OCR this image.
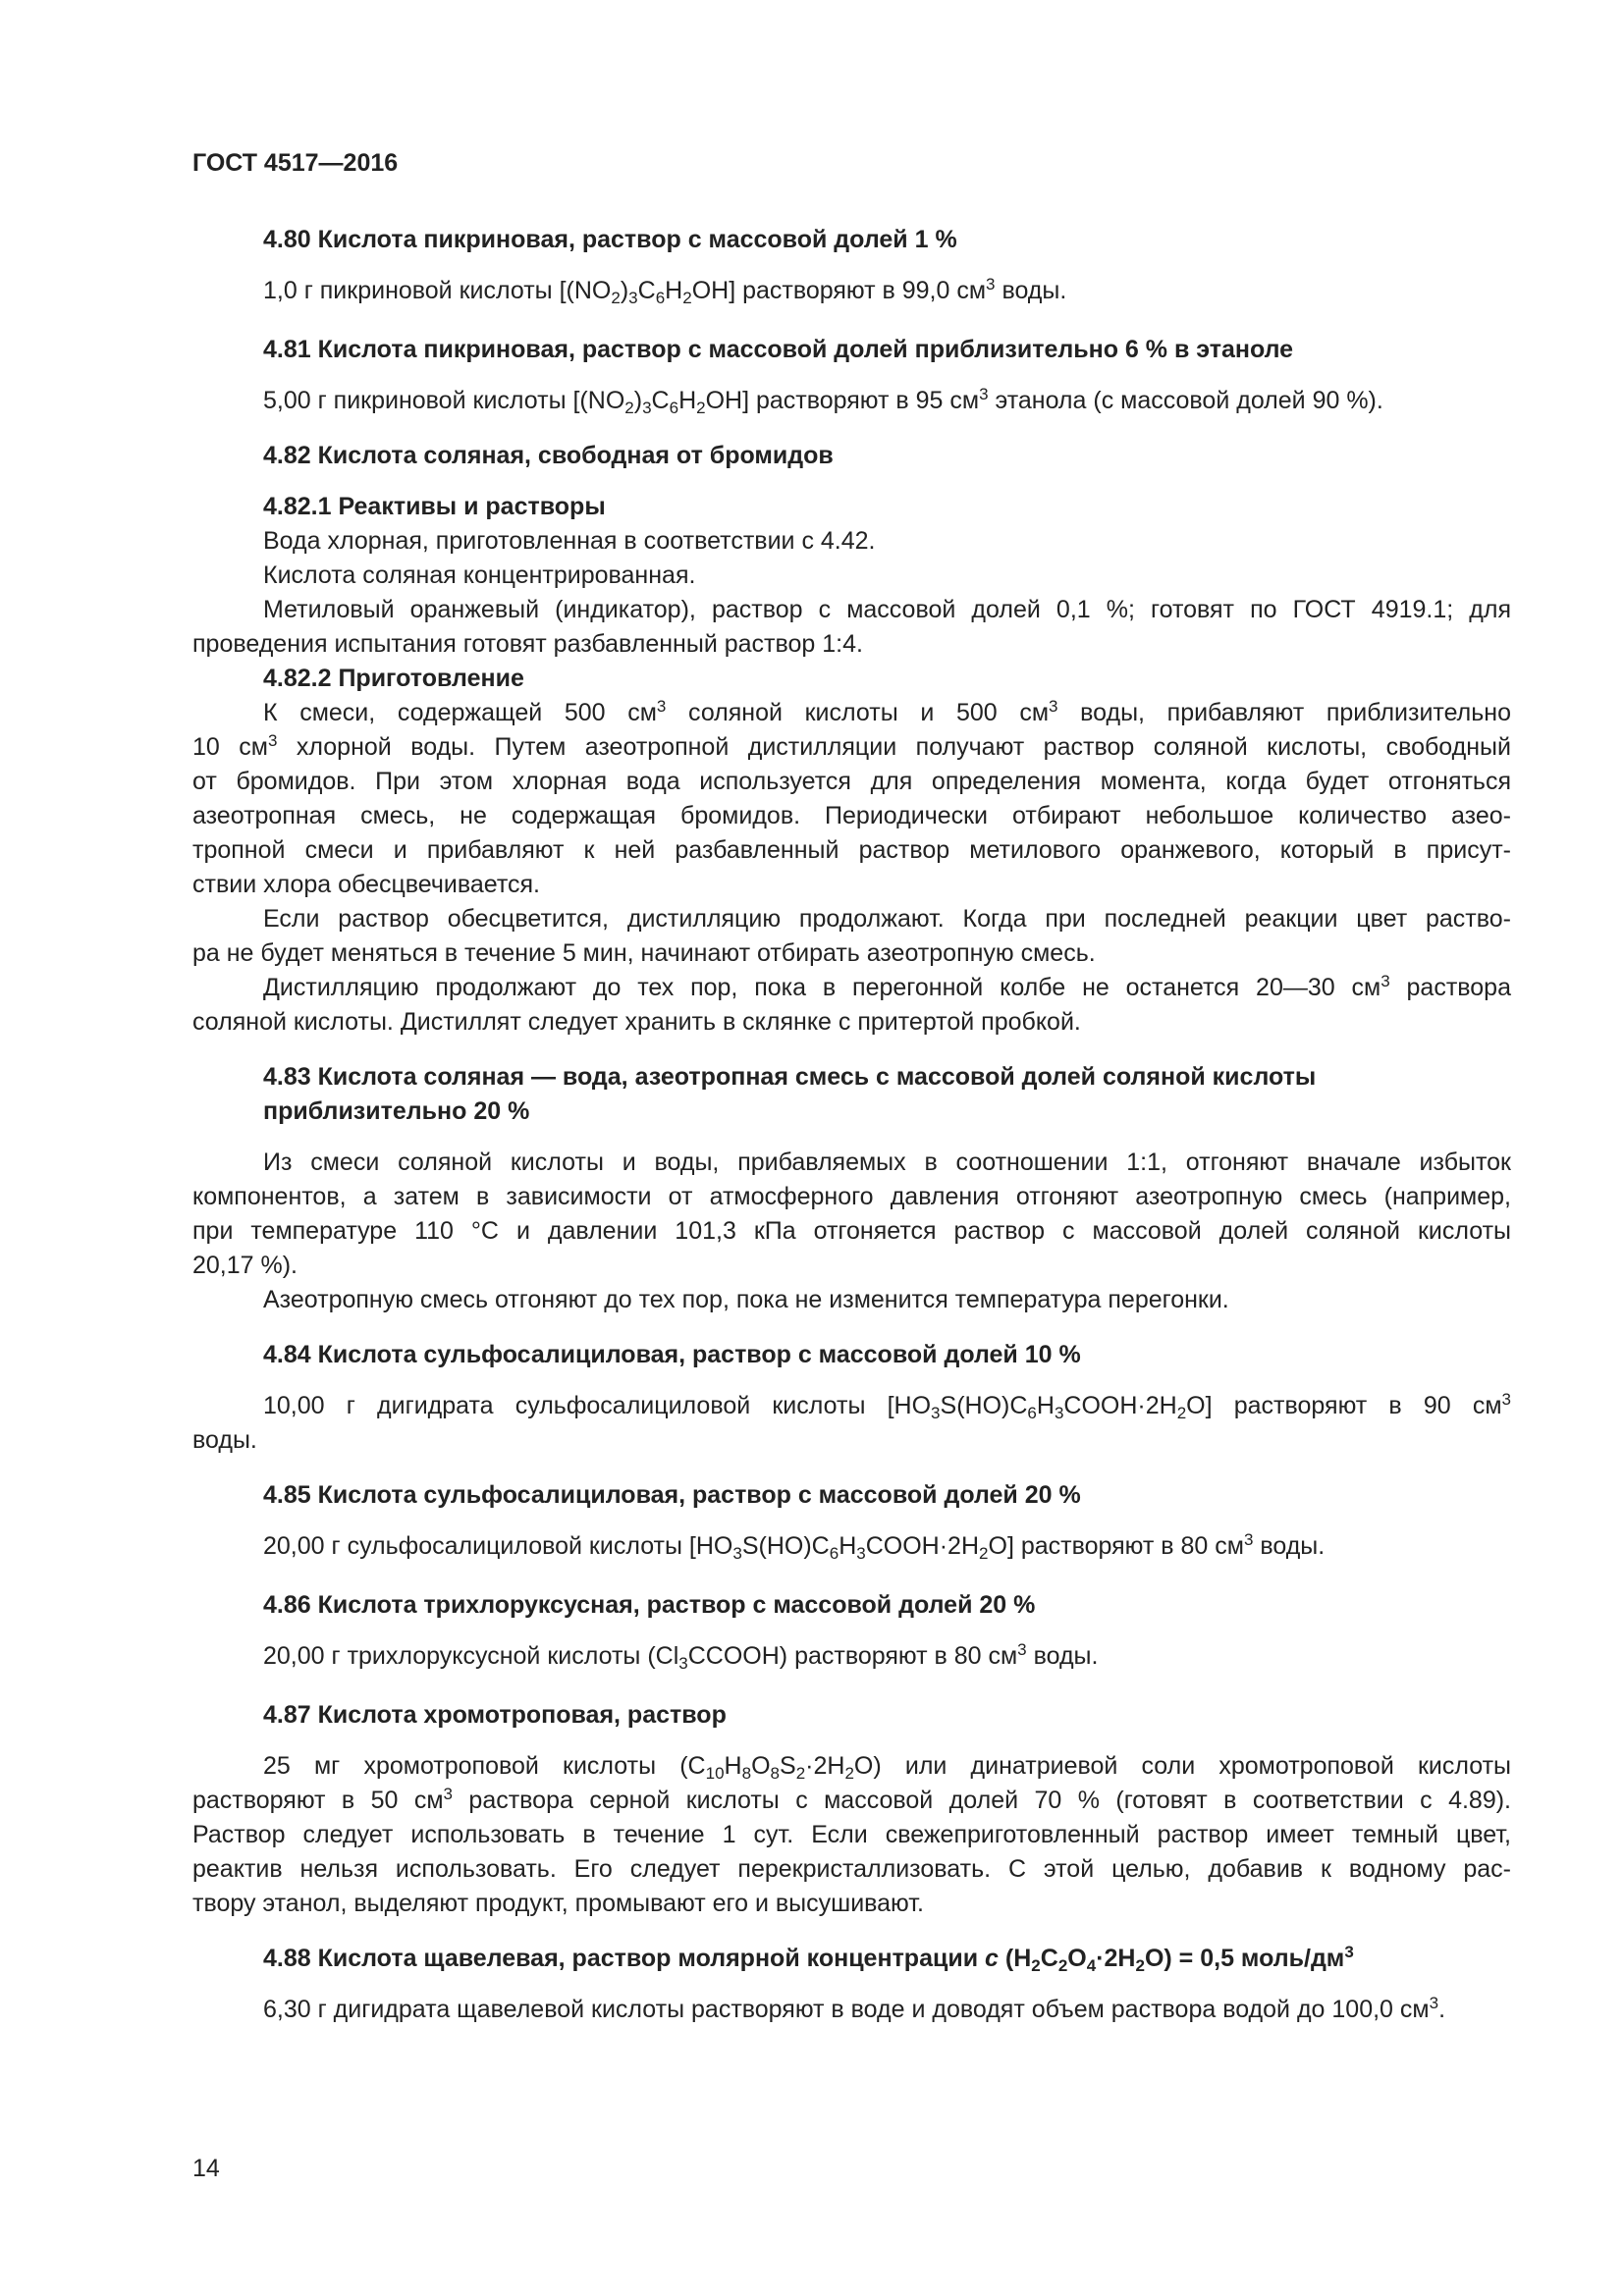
ГОСТ 4517—2016
4.80 Кислота пикриновая, раствор с массовой долей 1 %
1,0 г пикриновой кислоты $[(NO_2)_3C_6H_2OH]$ растворяют в 99,0 $см^3$ воды.
4.81 Кислота пикриновая, раствор с массовой долей приблизительно 6 % в этаноле
5,00 г пикриновой кислоты $[(NO_2)_3C_6H_2OH]$ растворяют в 95 $см^3$ этанола (с массовой долей 90 %).
4.82 Кислота соляная, свободная от бромидов
4.82.1 Реактивы и растворы
Вода хлорная, приготовленная в соответствии с 4.42.
Кислота соляная концентрированная.
Метиловый оранжевый (индикатор), раствор с массовой долей 0,1 %; готовят по ГОСТ 4919.1; для
проведения испытания готовят разбавленный раствор 1:4.
4.82.2 Приготовление
К смеси, содержащей 500 $см^3$ соляной кислоты и 500 $см^3$ воды, прибавляют приблизительно
10 $см^3$ хлорной воды. Путем азеотропной дистилляции получают раствор соляной кислоты, свободный
от бромидов. При этом хлорная вода используется для определения момента, когда будет отгоняться
азеотропная смесь, не содержащая бромидов. Периодически отбирают небольшое количество азео-
тропной смеси и прибавляют к ней разбавленный раствор метилового оранжевого, который в присут-
ствии хлора обесцвечивается.
Если раствор обесцветится, дистилляцию продолжают. Когда при последней реакции цвет раство-
ра не будет меняться в течение 5 мин, начинают отбирать азеотропную смесь.
Дистилляцию продолжают до тех пор, пока в перегонной колбе не останется 20—30 $см^3$ раствора
соляной кислоты. Дистиллят следует хранить в склянке с притертой пробкой.
4.83 Кислота соляная — вода, азеотропная смесь с массовой долей соляной кислоты
приблизительно 20 %
Из смеси соляной кислоты и воды, прибавляемых в соотношении 1:1, отгоняют вначале избыток
компонентов, а затем в зависимости от атмосферного давления отгоняют азеотропную смесь (например,
при температуре 110 °С и давлении 101,3 кПа отгоняется раствор с массовой долей соляной кислоты
20,17 %).
Азеотропную смесь отгоняют до тех пор, пока не изменится температура перегонки.
4.84 Кислота сульфосалициловая, раствор с массовой долей 10 %
10,00 г дигидрата сульфосалициловой кислоты $[HO_3S(HO)C_6H_3COOH\cdot 2H_2O]$ растворяют в 90 $см^3$
воды.
4.85 Кислота сульфосалициловая, раствор с массовой долей 20 %
20,00 г сульфосалициловой кислоты $[HO_3S(HO)C_6H_3COOH\cdot 2H_2O]$ растворяют в 80 $см^3$ воды.
4.86 Кислота трихлоруксусная, раствор с массовой долей 20 %
20,00 г трихлоруксусной кислоты $(Cl_3CCOOH)$ растворяют в 80 $см^3$ воды.
4.87 Кислота хромотроповая, раствор
25 мг хромотроповой кислоты $(C_{10}H_8O_8S_2\cdot 2H_2O)$ или динатриевой соли хромотроповой кислоты
растворяют в 50 $см^3$ раствора серной кислоты с массовой долей 70 % (готовят в соответствии с 4.89).
Раствор следует использовать в течение 1 сут. Если свежеприготовленный раствор имеет темный цвет,
реактив нельзя использовать. Его следует перекристаллизовать. С этой целью, добавив к водному рас-
твору этанол, выделяют продукт, промывают его и высушивают.
4.88 Кислота щавелевая, раствор молярной концентрации c $(H_2C_2O_4\cdot 2H_2O) = 0,5$ моль/$дм^3$
6,30 г дигидрата щавелевой кислоты растворяют в воде и доводят объем раствора водой до 100,0 $см^3$.
14
